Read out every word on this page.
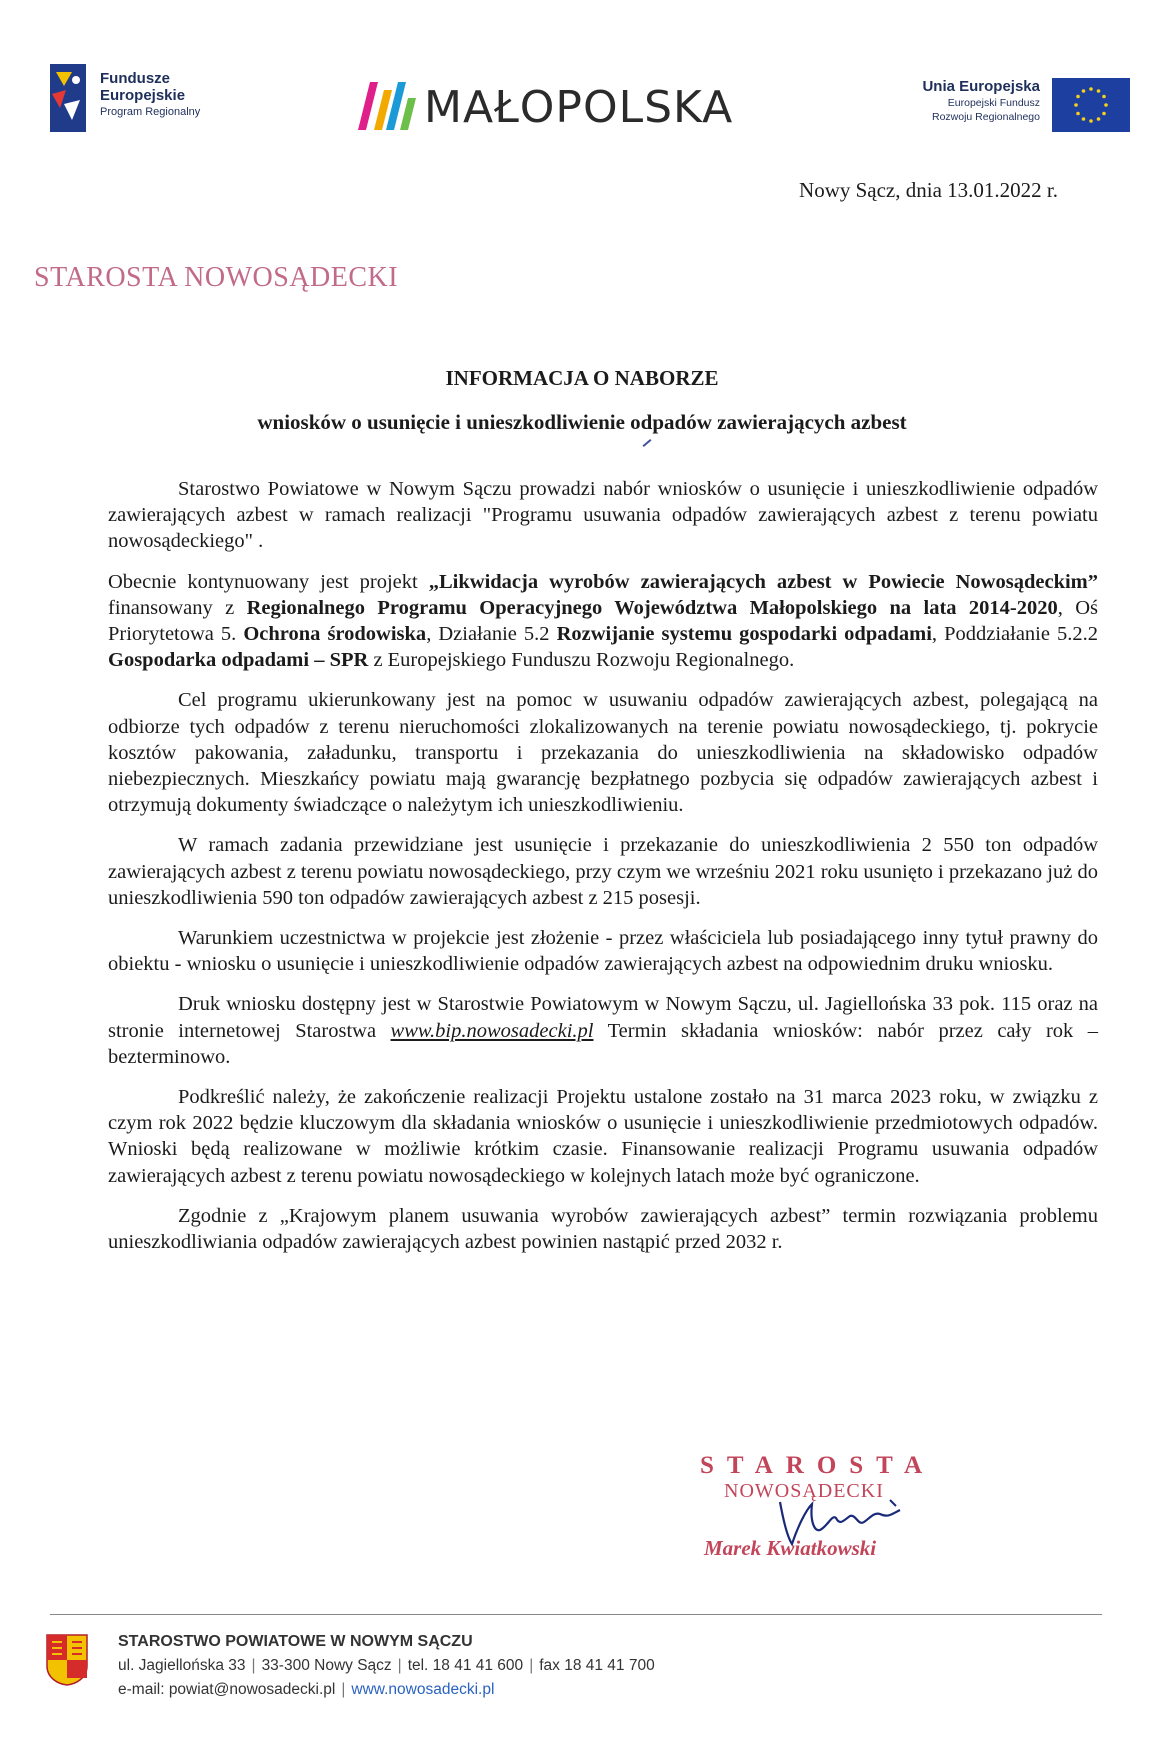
Fundusze
Europejskie
Program Regionalny	MAŁOPOLSKA	Unia Europejska
Europejski Fundusz
Rozwoju Regionalnego
Nowy Sącz, dnia 13.01.2022 r.
STAROSTA NOWOSĄDECKI
INFORMACJA O NABORZE
wniosków o usunięcie i unieszkodliwienie odpadów zawierających azbest

Starostwo Powiatowe w Nowym Sączu prowadzi nabór wniosków o usunięcie i unieszkodliwienie odpadów zawierających azbest w ramach realizacji "Programu usuwania odpadów zawierających azbest z terenu powiatu nowosądeckiego" .

Obecnie kontynuowany jest projekt „Likwidacja wyrobów zawierających azbest w Powiecie Nowosądeckim” finansowany z Regionalnego Programu Operacyjnego Województwa Małopolskiego na lata 2014-2020, Oś Priorytetowa 5. Ochrona środowiska, Działanie 5.2 Rozwijanie systemu gospodarki odpadami, Poddziałanie 5.2.2 Gospodarka odpadami – SPR z Europejskiego Funduszu Rozwoju Regionalnego.

Cel programu ukierunkowany jest na pomoc w usuwaniu odpadów zawierających azbest, polegającą na odbiorze tych odpadów z terenu nieruchomości zlokalizowanych na terenie powiatu nowosądeckiego, tj. pokrycie kosztów pakowania, załadunku, transportu i przekazania do unieszkodliwienia na składowisko odpadów niebezpiecznych. Mieszkańcy powiatu mają gwarancję bezpłatnego pozbycia się odpadów zawierających azbest i otrzymują dokumenty świadczące o należytym ich unieszkodliwieniu.

W ramach zadania przewidziane jest usunięcie i przekazanie do unieszkodliwienia 2 550 ton odpadów zawierających azbest z terenu powiatu nowosądeckiego, przy czym we wrześniu 2021 roku usunięto i przekazano już do unieszkodliwienia 590 ton odpadów zawierających azbest z 215 posesji.

Warunkiem uczestnictwa w projekcie jest złożenie - przez właściciela lub posiadającego inny tytuł prawny do obiektu - wniosku o usunięcie i unieszkodliwienie odpadów zawierających azbest na odpowiednim druku wniosku.

Druk wniosku dostępny jest w Starostwie Powiatowym w Nowym Sączu, ul. Jagiellońska 33 pok. 115 oraz na stronie internetowej Starostwa www.bip.nowosadecki.pl Termin składania wniosków: nabór przez cały rok – bezterminowo.

Podkreślić należy, że zakończenie realizacji Projektu ustalone zostało na 31 marca 2023 roku, w związku z czym rok 2022 będzie kluczowym dla składania wniosków o usunięcie i unieszkodliwienie przedmiotowych odpadów. Wnioski będą realizowane w możliwie krótkim czasie. Finansowanie realizacji Programu usuwania odpadów zawierających azbest z terenu powiatu nowosądeckiego w kolejnych latach może być ograniczone.

Zgodnie z „Krajowym planem usuwania wyrobów zawierających azbest” termin rozwiązania problemu unieszkodliwiania odpadów zawierających azbest powinien nastąpić przed 2032 r.

STAROSTA
NOWOSĄDECKI
Marek Kwiatkowski
STAROSTWO POWIATOWE W NOWYM SĄCZU
ul. Jagiellońska 33 | 33-300 Nowy Sącz | tel. 18 41 41 600 | fax 18 41 41 700
e-mail: powiat@nowosadecki.pl | www.nowosadecki.pl
